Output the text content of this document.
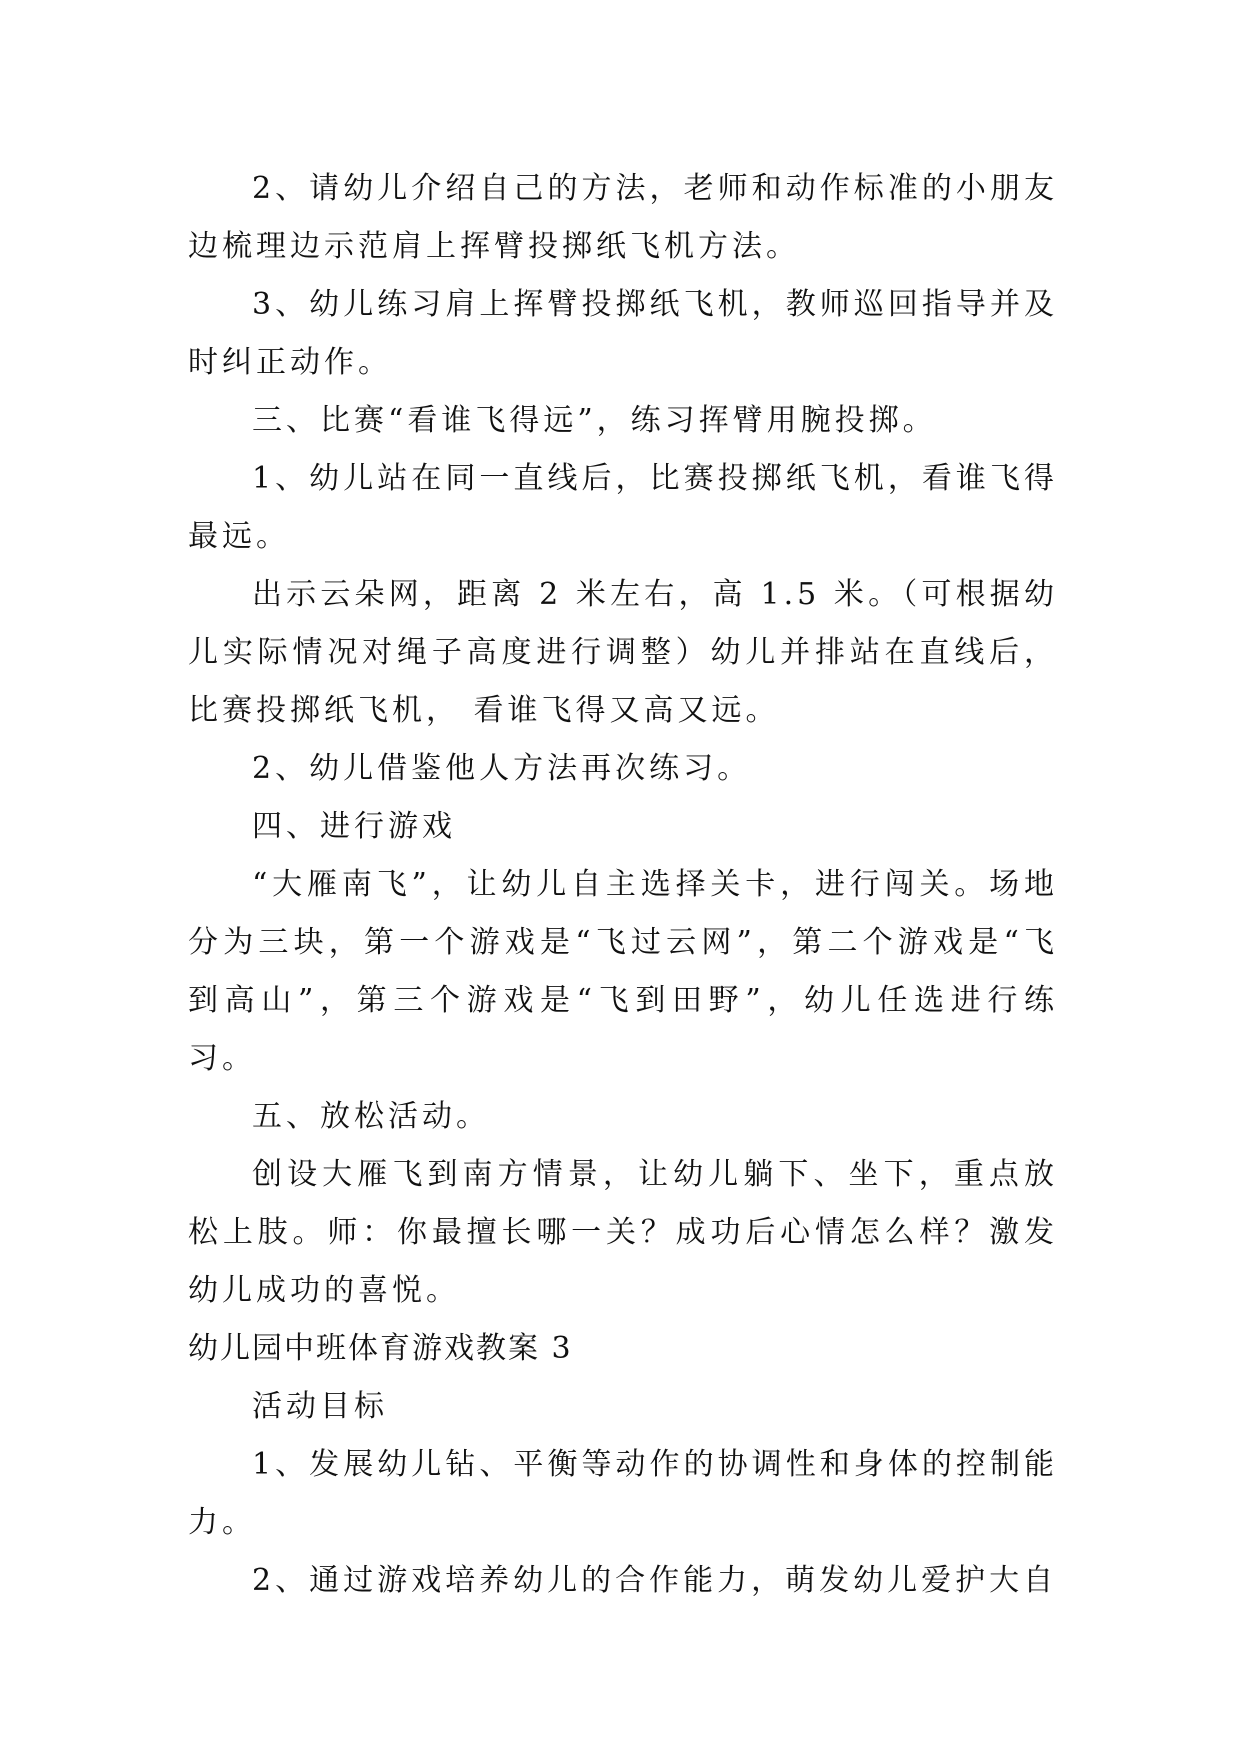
2、请幼儿介绍自己的方法，老师和动作标准的小朋友边梳理边示范肩上挥臂投掷纸飞机方法。

3、幼儿练习肩上挥臂投掷纸飞机，教师巡回指导并及时纠正动作。

三、比赛“看谁飞得远”，练习挥臂用腕投掷。

1、幼儿站在同一直线后，比赛投掷纸飞机，看谁飞得最远。

出示云朵网，距离 2 米左右，高 1.5 米。（可根据幼儿实际情况对绳子高度进行调整）幼儿并排站在直线后，比赛投掷纸飞机， 看谁飞得又高又远。

2、幼儿借鉴他人方法再次练习。

四、进行游戏

“大雁南飞”，让幼儿自主选择关卡，进行闯关。场地分为三块，第一个游戏是“飞过云网”，第二个游戏是“飞到高山”，第三个游戏是“飞到田野”，幼儿任选进行练习。

五、放松活动。

创设大雁飞到南方情景，让幼儿躺下、坐下，重点放松上肢。师：你最擅长哪一关？成功后心情怎么样？激发幼儿成功的喜悦。

幼儿园中班体育游戏教案 3

活动目标

1、发展幼儿钻、平衡等动作的协调性和身体的控制能力。

2、通过游戏培养幼儿的合作能力，萌发幼儿爱护大自
